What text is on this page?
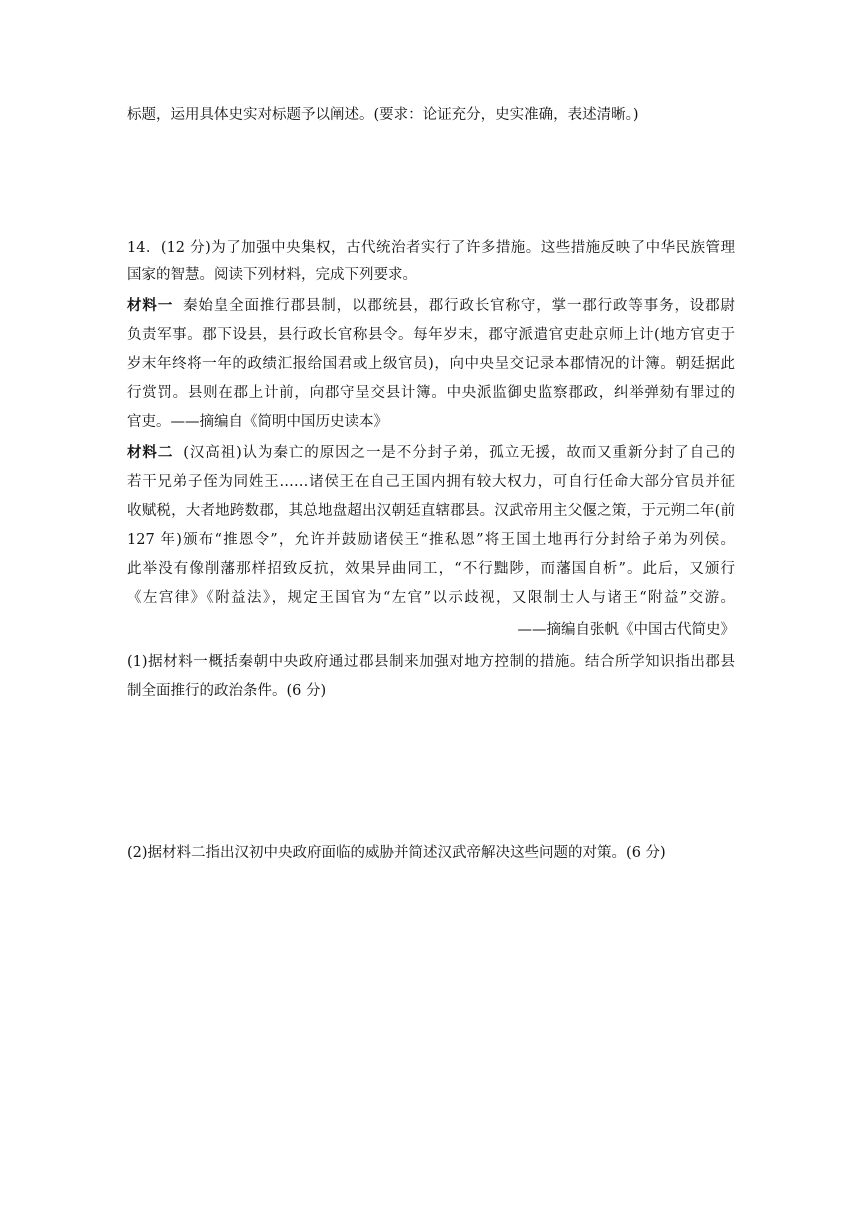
标题，运用具体史实对标题予以阐述。(要求：论证充分，史实准确，表述清晰。)
14．(12 分)为了加强中央集权，古代统治者实行了许多措施。这些措施反映了中华民族管理
国家的智慧。阅读下列材料，完成下列要求。
材料一 秦始皇全面推行郡县制，以郡统县，郡行政长官称守，掌一郡行政等事务，设郡尉
负责军事。郡下设县，县行政长官称县令。每年岁末，郡守派遣官吏赴京师上计(地方官吏于
岁末年终将一年的政绩汇报给国君或上级官员)，向中央呈交记录本郡情况的计簿。朝廷据此
行赏罚。县则在郡上计前，向郡守呈交县计簿。中央派监御史监察郡政，纠举弹劾有罪过的
官吏。——摘编自《简明中国历史读本》
材料二 (汉高祖)认为秦亡的原因之一是不分封子弟，孤立无援，故而又重新分封了自己的
若干兄弟子侄为同姓王……诸侯王在自己王国内拥有较大权力，可自行任命大部分官员并征
收赋税，大者地跨数郡，其总地盘超出汉朝廷直辖郡县。汉武帝用主父偃之策，于元朔二年(前
127 年)颁布“推恩令”，允许并鼓励诸侯王“推私恩”将王国土地再行分封给子弟为列侯。
此举没有像削藩那样招致反抗，效果异曲同工，“不行黜陟，而藩国自析”。此后，又颁行
《左宫律》《附益法》，规定王国官为“左官”以示歧视，又限制士人与诸王“附益”交游。
——摘编自张帆《中国古代简史》
(1)据材料一概括秦朝中央政府通过郡县制来加强对地方控制的措施。结合所学知识指出郡县
制全面推行的政治条件。(6 分)
(2)据材料二指出汉初中央政府面临的威胁并简述汉武帝解决这些问题的对策。(6 分)
